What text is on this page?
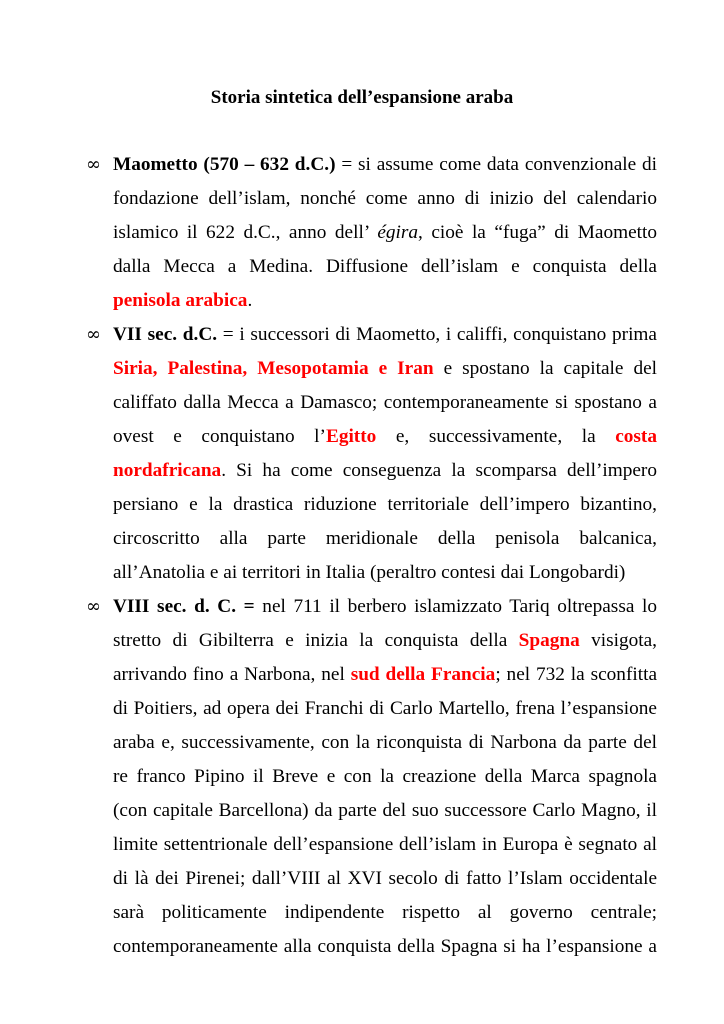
Storia sintetica dell’espansione araba
∞ Maometto (570 – 632 d.C.) = si assume come data convenzionale di
fondazione dell’islam, nonché come anno di inizio del calendario
islamico il 622 d.C., anno dell’ égira, cioè la “fuga” di Maometto
dalla Mecca a Medina. Diffusione dell’islam e conquista della
penisola arabica.
∞ VII sec. d.C. = i successori di Maometto, i califfi, conquistano prima
Siria, Palestina, Mesopotamia e Iran e spostano la capitale del
califfato dalla Mecca a Damasco; contemporaneamente si spostano a
ovest e conquistano l’Egitto e, successivamente, la costa
nordafricana. Si ha come conseguenza la scomparsa dell’impero
persiano e la drastica riduzione territoriale dell’impero bizantino,
circoscritto alla parte meridionale della penisola balcanica,
all’Anatolia e ai territori in Italia (peraltro contesi dai Longobardi)
∞ VIII sec. d. C. = nel 711 il berbero islamizzato Tariq oltrepassa lo
stretto di Gibilterra e inizia la conquista della Spagna visigota,
arrivando fino a Narbona, nel sud della Francia; nel 732 la sconfitta
di Poitiers, ad opera dei Franchi di Carlo Martello, frena l’espansione
araba e, successivamente, con la riconquista di Narbona da parte del
re franco Pipino il Breve e con la creazione della Marca spagnola
(con capitale Barcellona) da parte del suo successore Carlo Magno, il
limite settentrionale dell’espansione dell’islam in Europa è segnato al
di là dei Pirenei; dall’VIII al XVI secolo di fatto l’Islam occidentale
sarà politicamente indipendente rispetto al governo centrale;
contemporaneamente alla conquista della Spagna si ha l’espansione a
